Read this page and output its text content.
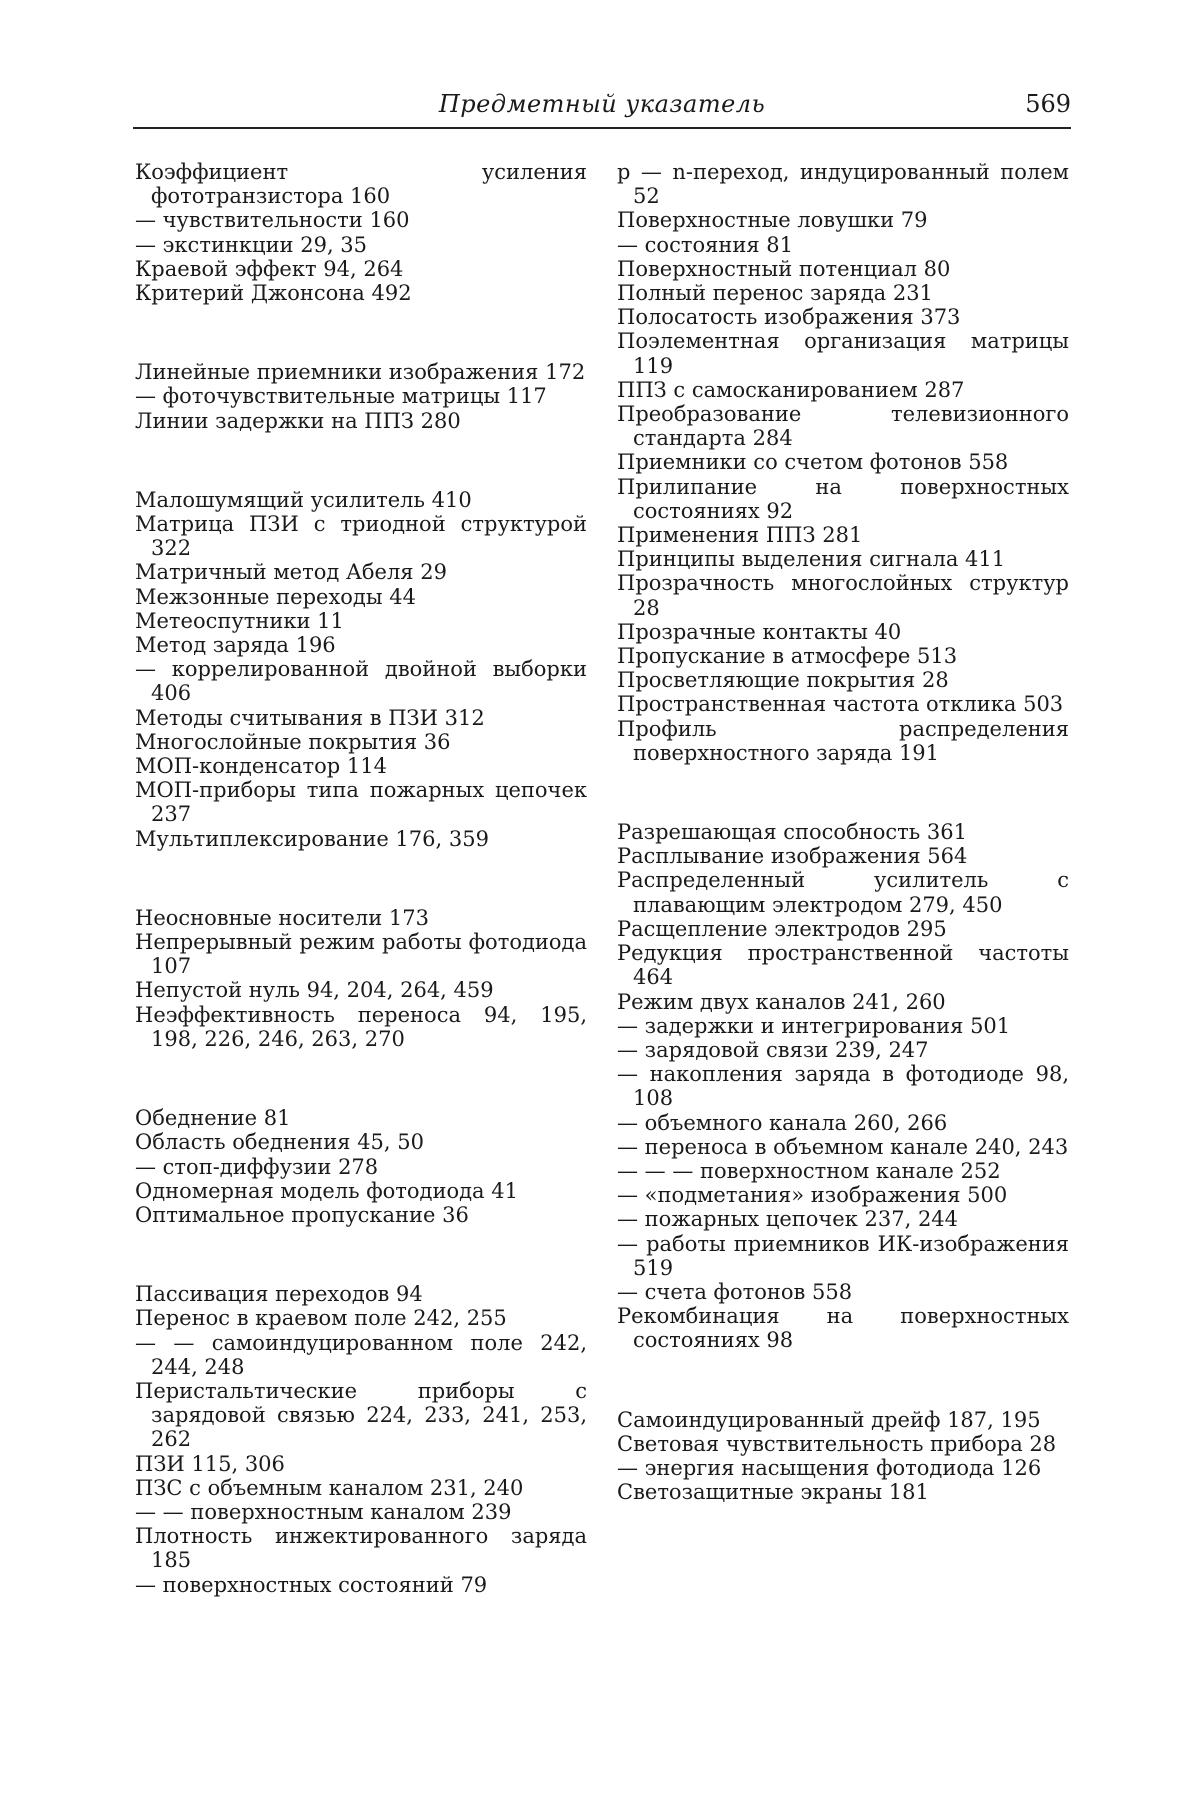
Предметный указатель	569
Коэффициент усиления фототранзистора 160
— чувствительности 160
— экстинкции 29, 35
Краевой эффект 94, 264
Критерий Джонсона 492
Линейные приемники изображения 172
— фоточувствительные матрицы 117
Линии задержки на ППЗ 280
Малошумящий усилитель 410
Матрица ПЗИ с триодной структурой 322
Матричный метод Абеля 29
Межзонные переходы 44
Метеоспутники 11
Метод заряда 196
— коррелированной двойной выборки 406
Методы считывания в ПЗИ 312
Многослойные покрытия 36
МОП-конденсатор 114
МОП-приборы типа пожарных цепочек 237
Мультиплексирование 176, 359
Неосновные носители 173
Непрерывный режим работы фотодиода 107
Непустой нуль 94, 204, 264, 459
Неэффективность переноса 94, 195, 198, 226, 246, 263, 270
Обеднение 81
Область обеднения 45, 50
— стоп-диффузии 278
Одномерная модель фотодиода 41
Оптимальное пропускание 36
Пассивация переходов 94
Перенос в краевом поле 242, 255
— — самоиндуцированном поле 242, 244, 248
Перистальтические приборы с зарядовой связью 224, 233, 241, 253, 262
ПЗИ 115, 306
ПЗС с объемным каналом 231, 240
— — поверхностным каналом 239
Плотность инжектированного заряда 185
— поверхностных состояний 79
p — n-переход, индуцированный полем 52
Поверхностные ловушки 79
— состояния 81
Поверхностный потенциал 80
Полный перенос заряда 231
Полосатость изображения 373
Поэлементная организация матрицы 119
ППЗ с самосканированием 287
Преобразование телевизионного стандарта 284
Приемники со счетом фотонов 558
Прилипание на поверхностных состояниях 92
Применения ППЗ 281
Принципы выделения сигнала 411
Прозрачность многослойных структур 28
Прозрачные контакты 40
Пропускание в атмосфере 513
Просветляющие покрытия 28
Пространственная частота отклика 503
Профиль распределения поверхностного заряда 191
Разрешающая способность 361
Расплывание изображения 564
Распределенный усилитель с плавающим электродом 279, 450
Расщепление электродов 295
Редукция пространственной частоты 464
Режим двух каналов 241, 260
— задержки и интегрирования 501
— зарядовой связи 239, 247
— накопления заряда в фотодиоде 98, 108
— объемного канала 260, 266
— переноса в объемном канале 240, 243
— — — поверхностном канале 252
— «подметания» изображения 500
— пожарных цепочек 237, 244
— работы приемников ИК-изображения 519
— счета фотонов 558
Рекомбинация на поверхностных состояниях 98
Самоиндуцированный дрейф 187, 195
Световая чувствительность прибора 28
— энергия насыщения фотодиода 126
Светозащитные экраны 181
